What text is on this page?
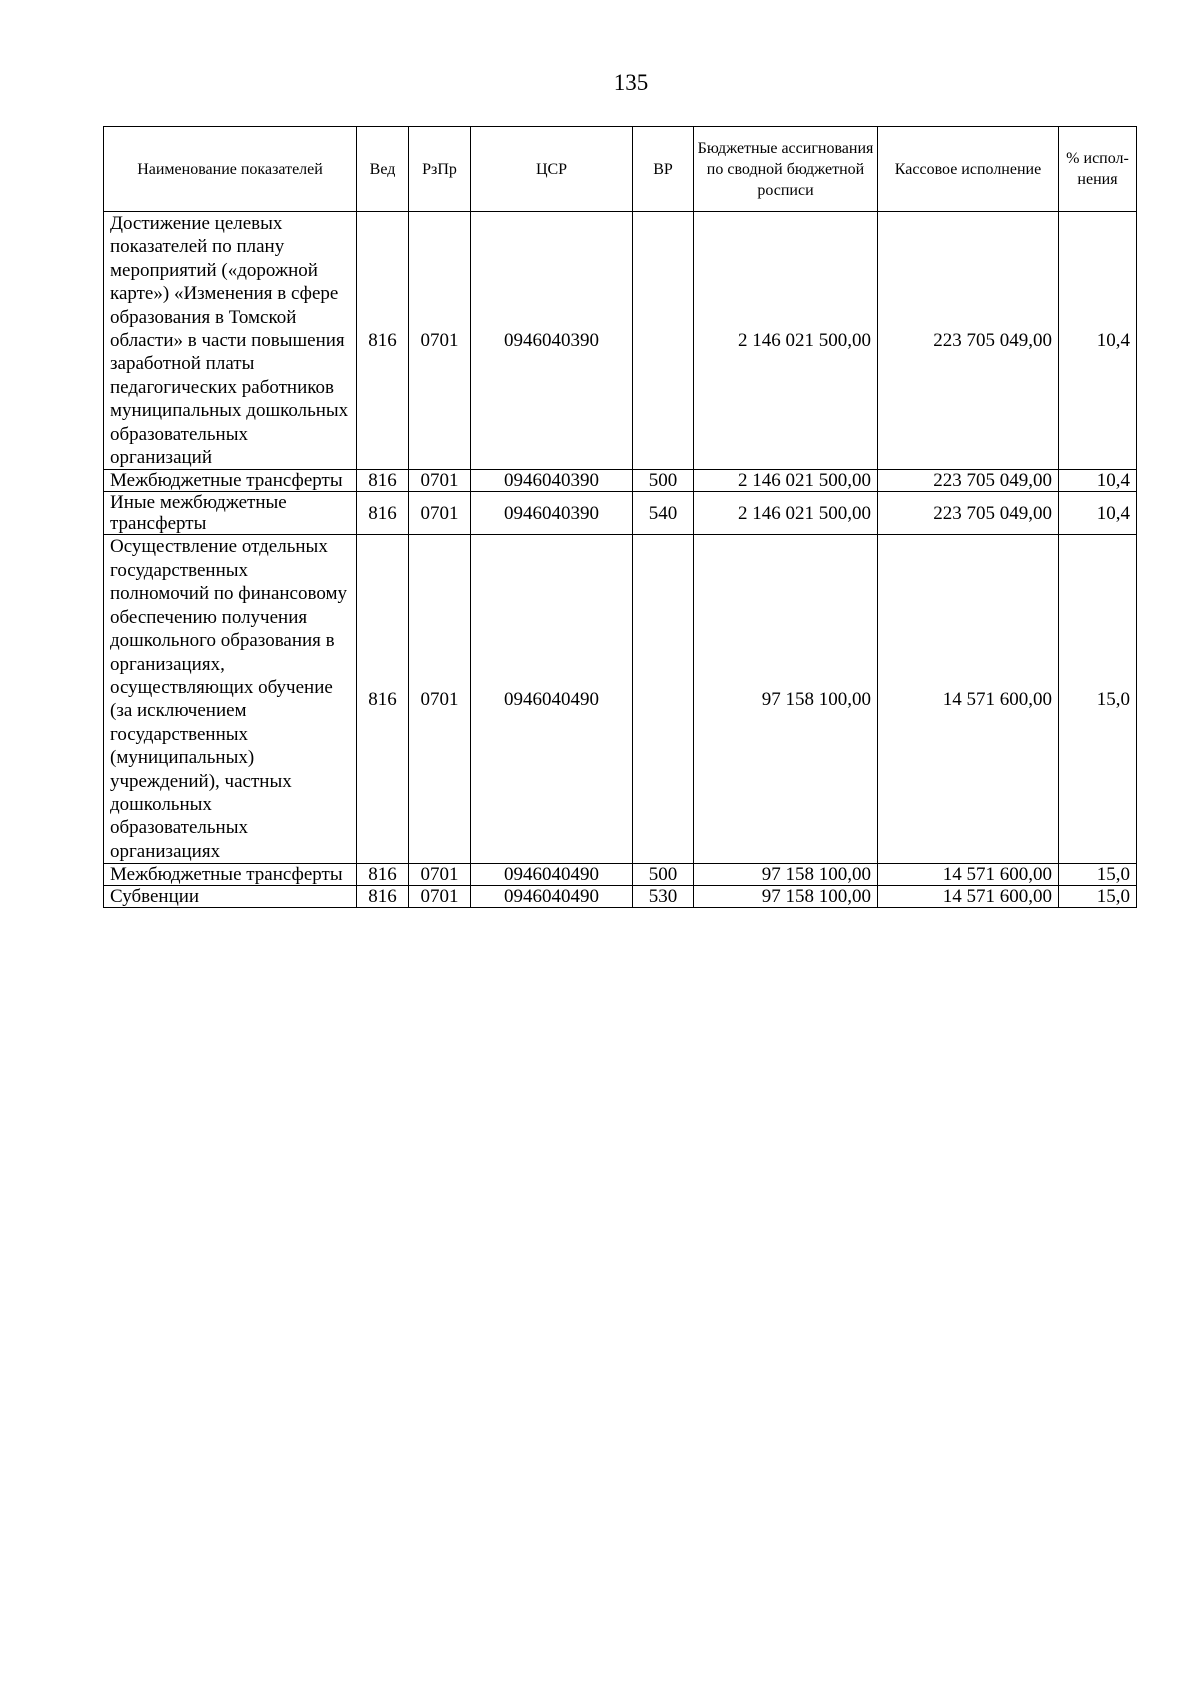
135
Наименование показателей	Вед	РзПр	ЦСР	ВР	Бюджетные ассигнования по сводной бюджетной росписи	Кассовое исполнение	% испол-нения
Достижение целевых показателей по плану мероприятий («дорожной карте») «Изменения в сфере образования в Томской области» в части повышения заработной платы педагогических работников муниципальных дошкольных образовательных организаций	816	0701	0946040390		2 146 021 500,00	223 705 049,00	10,4
Межбюджетные трансферты	816	0701	0946040390	500	2 146 021 500,00	223 705 049,00	10,4
Иные межбюджетные трансферты	816	0701	0946040390	540	2 146 021 500,00	223 705 049,00	10,4
Осуществление отдельных государственных полномочий по финансовому обеспечению получения дошкольного образования в организациях, осуществляющих обучение (за исключением государственных (муниципальных) учреждений), частных дошкольных образовательных организациях	816	0701	0946040490		97 158 100,00	14 571 600,00	15,0
Межбюджетные трансферты	816	0701	0946040490	500	97 158 100,00	14 571 600,00	15,0
Субвенции	816	0701	0946040490	530	97 158 100,00	14 571 600,00	15,0
